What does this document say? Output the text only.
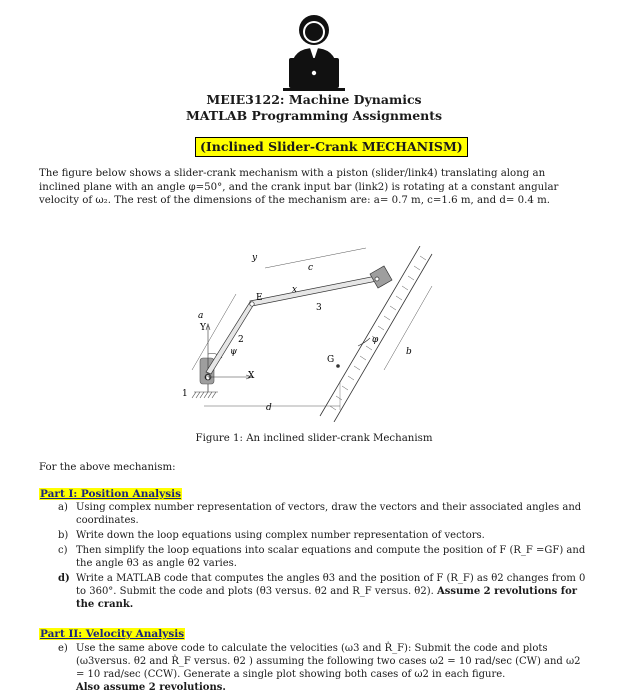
MEIE3122: Machine Dynamics
MATLAB Programming Assignments
(Inclined Slider-Crank MECHANISM)
The figure below shows a slider-crank mechanism with a piston (slider/link4) translating along an inclined plane with an angle φ=50°, and the crank input bar (link2) is rotating at a constant angular velocity of ω₂. The rest of the dimensions of the mechanism are: a= 0.7 m, c=1.6 m, and d= 0.4 m.
y
x
c
E
3
a
Y
2
ψ
O	X
1
d
G
φ
b
Figure 1: An inclined slider-crank Mechanism
For the above mechanism:
Part I: Position Analysis
a) Using complex number representation of vectors, draw the vectors and their associated angles and coordinates.
b) Write down the loop equations using complex number representation of vectors.
c) Then simplify the loop equations into scalar equations and compute the position of F (R_F =GF) and the angle θ3 as angle θ2 varies.
d) Write a MATLAB code that computes the angles θ3 and the position of F (R_F) as θ2 changes from 0 to 360°. Submit the code and plots (θ3 versus. θ2 and R_F versus. θ2). Assume 2 revolutions for the crank.
Part II: Velocity Analysis
e) Use the same above code to calculate the velocities (ω3 and Ṙ_F): Submit the code and plots (ω3versus. θ2 and Ṙ_F versus. θ2 ) assuming the following two cases ω2 = 10 rad/sec (CW) and ω2 = 10 rad/sec (CCW). Generate a single plot showing both cases of ω2 in each figure.
Also assume 2 revolutions.
